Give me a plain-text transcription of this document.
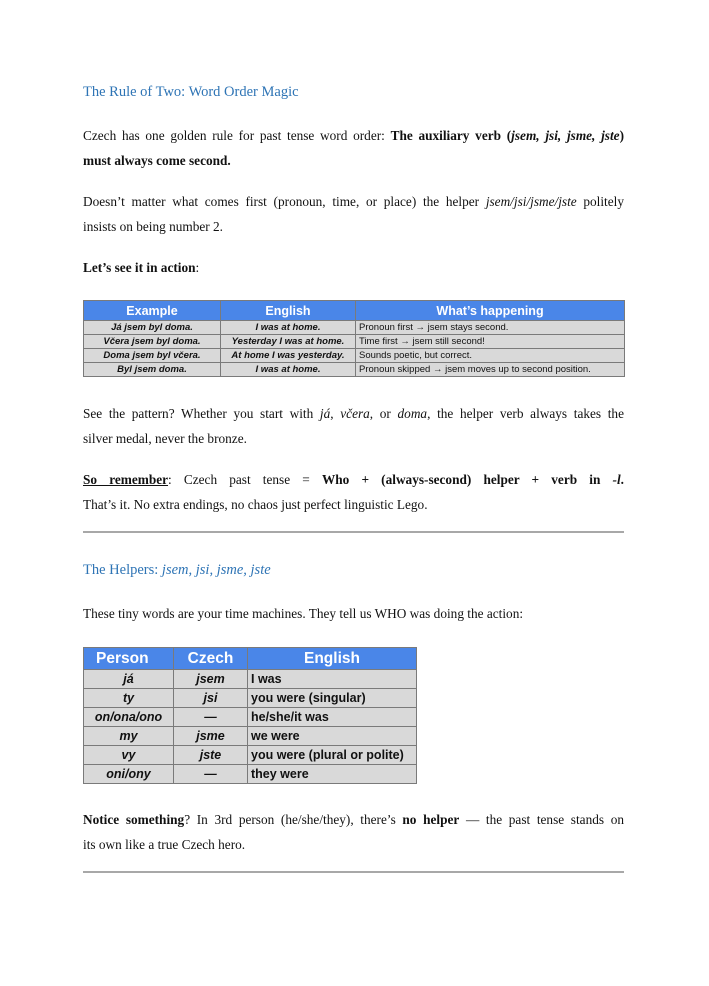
The Rule of Two: Word Order Magic

Czech has one golden rule for past tense word order: The auxiliary verb (jsem, jsi, jsme, jste)
must always come second.

Doesn’t matter what comes first (pronoun, time, or place) the helper jsem/jsi/jsme/jste politely
insists on being number 2.

Let’s see it in action:

Example	English	What’s happening
Já jsem byl doma.	I was at home.	Pronoun first → jsem stays second.
Včera jsem byl doma.	Yesterday I was at home.	Time first → jsem still second!
Doma jsem byl včera.	At home I was yesterday.	Sounds poetic, but correct.
Byl jsem doma.	I was at home.	Pronoun skipped → jsem moves up to second position.

See the pattern? Whether you start with já, včera, or doma, the helper verb always takes the
silver medal, never the bronze.

So remember: Czech past tense = Who + (always-second) helper + verb in -l.
That’s it. No extra endings, no chaos just perfect linguistic Lego.

The Helpers: jsem, jsi, jsme, jste

These tiny words are your time machines. They tell us WHO was doing the action:

Person	Czech	English
já	jsem	I was
ty	jsi	you were (singular)
on/ona/ono	—	he/she/it was
my	jsme	we were
vy	jste	you were (plural or polite)
oni/ony	—	they were

Notice something? In 3rd person (he/she/they), there’s no helper — the past tense stands on
its own like a true Czech hero.
